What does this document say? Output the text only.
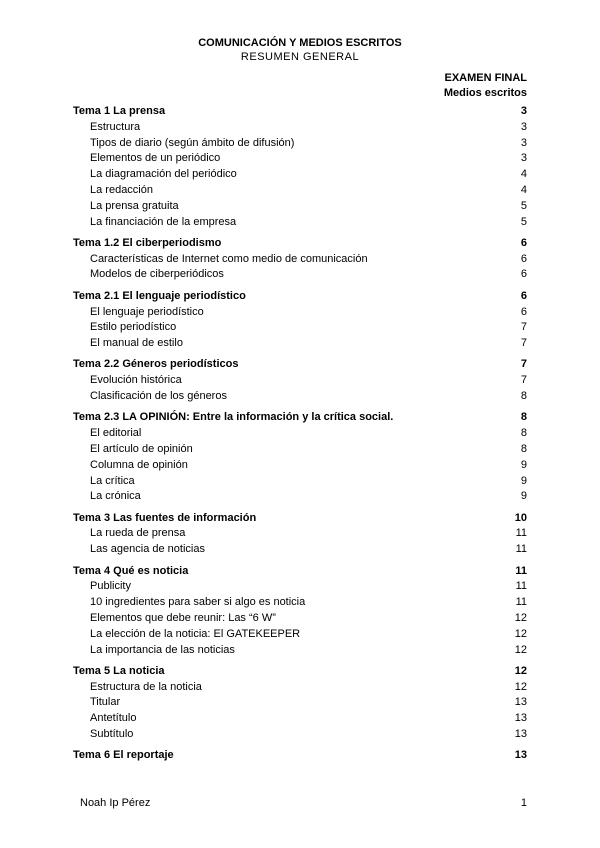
COMUNICACIÓN Y MEDIOS ESCRITOS
RESUMEN GENERAL
EXAMEN FINAL
Medios escritos
Tema 1 La prensa	3
Estructura	3
Tipos de diario (según ámbito de difusión)	3
Elementos de un periódico	3
La diagramación del periódico	4
La redacción	4
La prensa gratuita	5
La financiación de la empresa	5
Tema 1.2 El ciberperiodismo	6
Características de Internet como medio de comunicación	6
Modelos de ciberperiódicos	6
Tema 2.1 El lenguaje periodístico	6
El lenguaje periodístico	6
Estilo periodístico	7
El manual de estilo	7
Tema 2.2 Géneros periodísticos	7
Evolución histórica	7
Clasificación de los géneros	8
Tema 2.3 LA OPINIÓN: Entre la información y la crítica social.	8
El editorial	8
El artículo de opinión	8
Columna de opinión	9
La crítica	9
La crónica	9
Tema 3 Las fuentes de información	10
La rueda de prensa	11
Las agencia de noticias	11
Tema 4 Qué es noticia	11
Publicity	11
10 ingredientes para saber si algo es noticia	11
Elementos que debe reunir: Las “6 W”	12
La elección de la noticia: El GATEKEEPER	12
La importancia de las noticias	12
Tema 5 La noticia	12
Estructura de la noticia	12
Titular	13
Antetítulo	13
Subtítulo	13
Tema 6 El reportaje	13
Noah Ip Pérez	1
